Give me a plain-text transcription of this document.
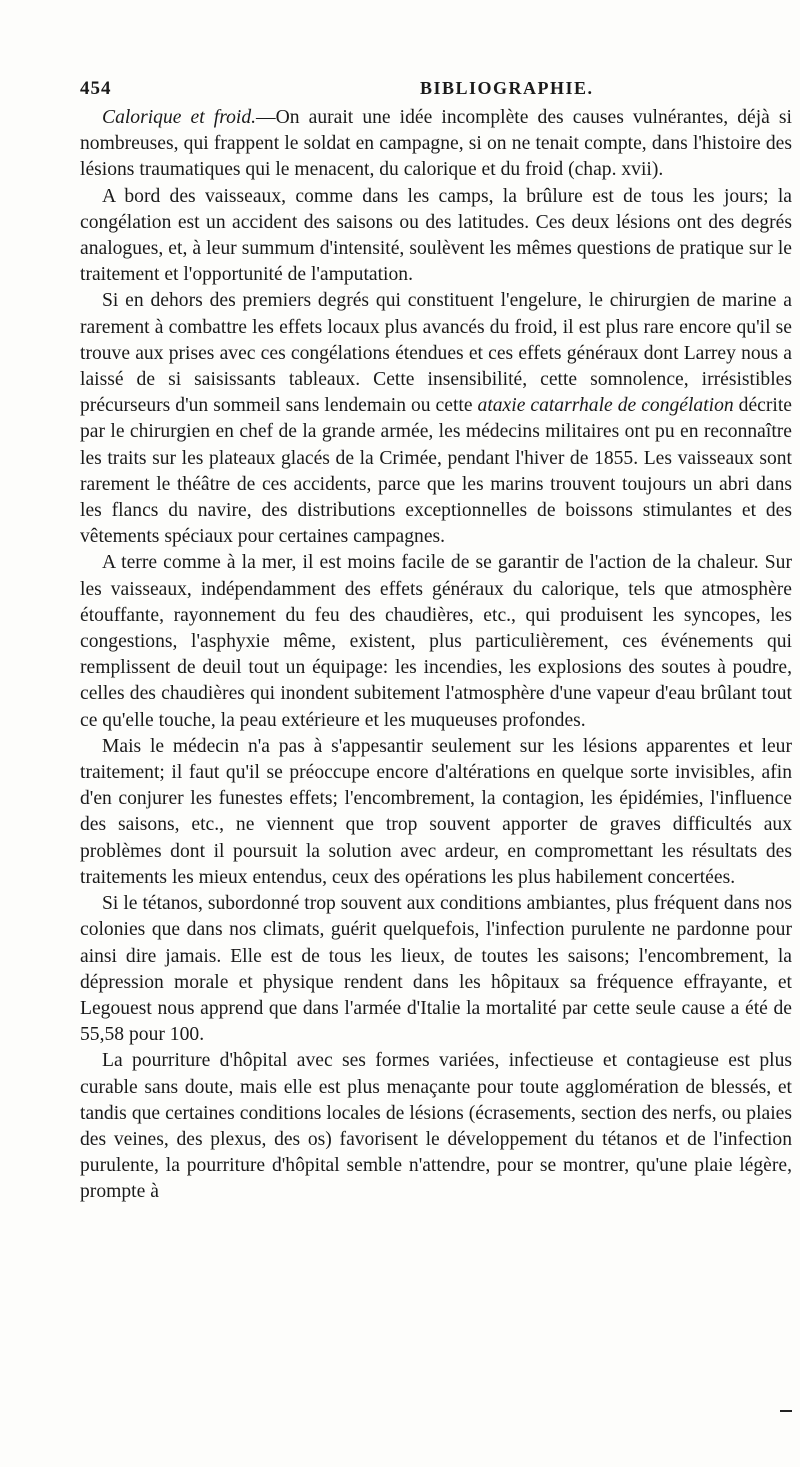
454	BIBLIOGRAPHIE.

Calorique et froid.—On aurait une idée incomplète des causes vulnérantes, déjà si nombreuses, qui frappent le soldat en campagne, si on ne tenait compte, dans l'histoire des lésions traumatiques qui le menacent, du calorique et du froid (chap. xvii).

A bord des vaisseaux, comme dans les camps, la brûlure est de tous les jours; la congélation est un accident des saisons ou des latitudes. Ces deux lésions ont des degrés analogues, et, à leur summum d'intensité, soulèvent les mêmes questions de pratique sur le traitement et l'opportunité de l'amputation.

Si en dehors des premiers degrés qui constituent l'engelure, le chirurgien de marine a rarement à combattre les effets locaux plus avancés du froid, il est plus rare encore qu'il se trouve aux prises avec ces congélations étendues et ces effets généraux dont Larrey nous a laissé de si saisissants tableaux. Cette insensibilité, cette somnolence, irrésistibles précurseurs d'un sommeil sans lendemain ou cette ataxie catarrhale de congélation décrite par le chirurgien en chef de la grande armée, les médecins militaires ont pu en reconnaître les traits sur les plateaux glacés de la Crimée, pendant l'hiver de 1855. Les vaisseaux sont rarement le théâtre de ces accidents, parce que les marins trouvent toujours un abri dans les flancs du navire, des distributions exceptionnelles de boissons stimulantes et des vêtements spéciaux pour certaines campagnes.

A terre comme à la mer, il est moins facile de se garantir de l'action de la chaleur. Sur les vaisseaux, indépendamment des effets généraux du calorique, tels que atmosphère étouffante, rayonnement du feu des chaudières, etc., qui produisent les syncopes, les congestions, l'asphyxie même, existent, plus particulièrement, ces événements qui remplissent de deuil tout un équipage: les incendies, les explosions des soutes à poudre, celles des chaudières qui inondent subitement l'atmosphère d'une vapeur d'eau brûlant tout ce qu'elle touche, la peau extérieure et les muqueuses profondes.

Mais le médecin n'a pas à s'appesantir seulement sur les lésions apparentes et leur traitement; il faut qu'il se préoccupe encore d'altérations en quelque sorte invisibles, afin d'en conjurer les funestes effets; l'encombrement, la contagion, les épidémies, l'influence des saisons, etc., ne viennent que trop souvent apporter de graves difficultés aux problèmes dont il poursuit la solution avec ardeur, en compromettant les résultats des traitements les mieux entendus, ceux des opérations les plus habilement concertées.

Si le tétanos, subordonné trop souvent aux conditions ambiantes, plus fréquent dans nos colonies que dans nos climats, guérit quelquefois, l'infection purulente ne pardonne pour ainsi dire jamais. Elle est de tous les lieux, de toutes les saisons; l'encombrement, la dépression morale et physique rendent dans les hôpitaux sa fréquence effrayante, et Legouest nous apprend que dans l'armée d'Italie la mortalité par cette seule cause a été de 55,58 pour 100.

La pourriture d'hôpital avec ses formes variées, infectieuse et contagieuse est plus curable sans doute, mais elle est plus menaçante pour toute agglomération de blessés, et tandis que certaines conditions locales de lésions (écrasements, section des nerfs, ou plaies des veines, des plexus, des os) favorisent le développement du tétanos et de l'infection purulente, la pourriture d'hôpital semble n'attendre, pour se montrer, qu'une plaie légère, prompte à
